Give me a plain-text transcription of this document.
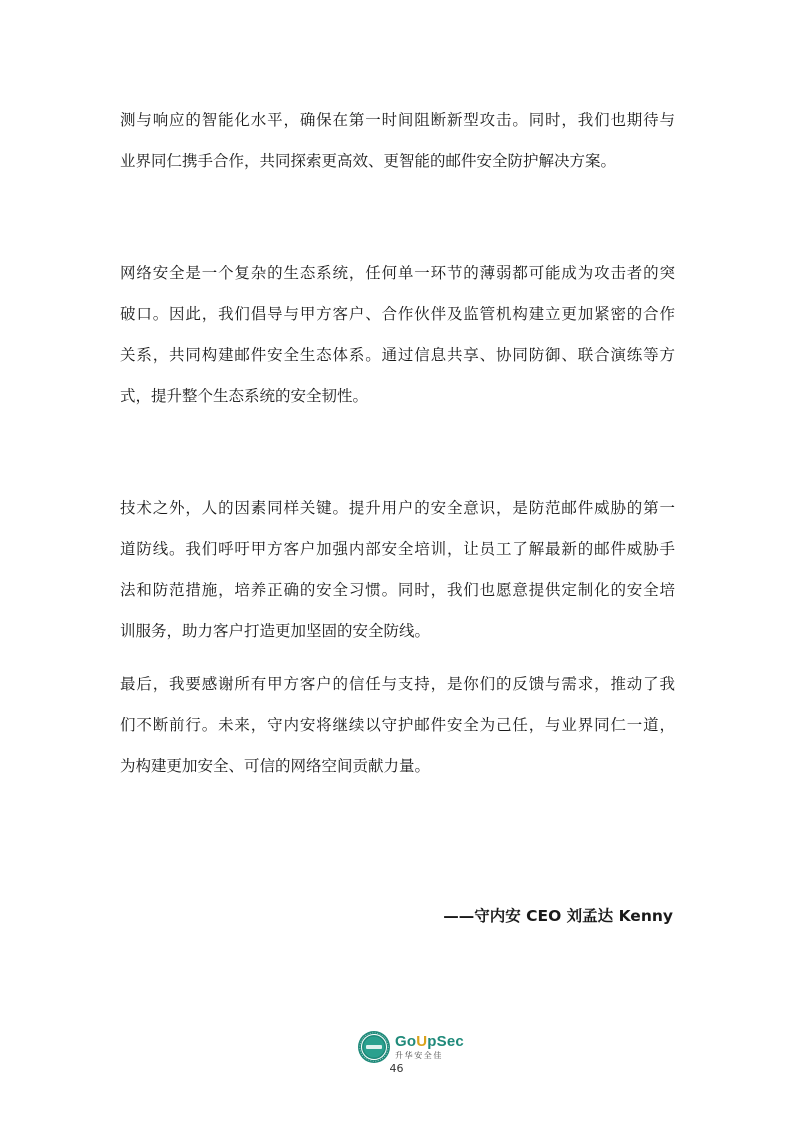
测与响应的智能化水平，确保在第一时间阻断新型攻击。同时，我们也期待与
业界同仁携手合作，共同探索更高效、更智能的邮件安全防护解决方案。

网络安全是一个复杂的生态系统，任何单一环节的薄弱都可能成为攻击者的突
破口。因此，我们倡导与甲方客户、合作伙伴及监管机构建立更加紧密的合作
关系，共同构建邮件安全生态体系。通过信息共享、协同防御、联合演练等方
式，提升整个生态系统的安全韧性。

技术之外，人的因素同样关键。提升用户的安全意识，是防范邮件威胁的第一
道防线。我们呼吁甲方客户加强内部安全培训，让员工了解最新的邮件威胁手
法和防范措施，培养正确的安全习惯。同时，我们也愿意提供定制化的安全培
训服务，助力客户打造更加坚固的安全防线。

最后，我要感谢所有甲方客户的信任与支持，是你们的反馈与需求，推动了我
们不断前行。未来，守内安将继续以守护邮件安全为己任，与业界同仁一道，
为构建更加安全、可信的网络空间贡献力量。

——守内安 CEO 刘孟达 Kenny
GoUpSec
升华安全佳
46
